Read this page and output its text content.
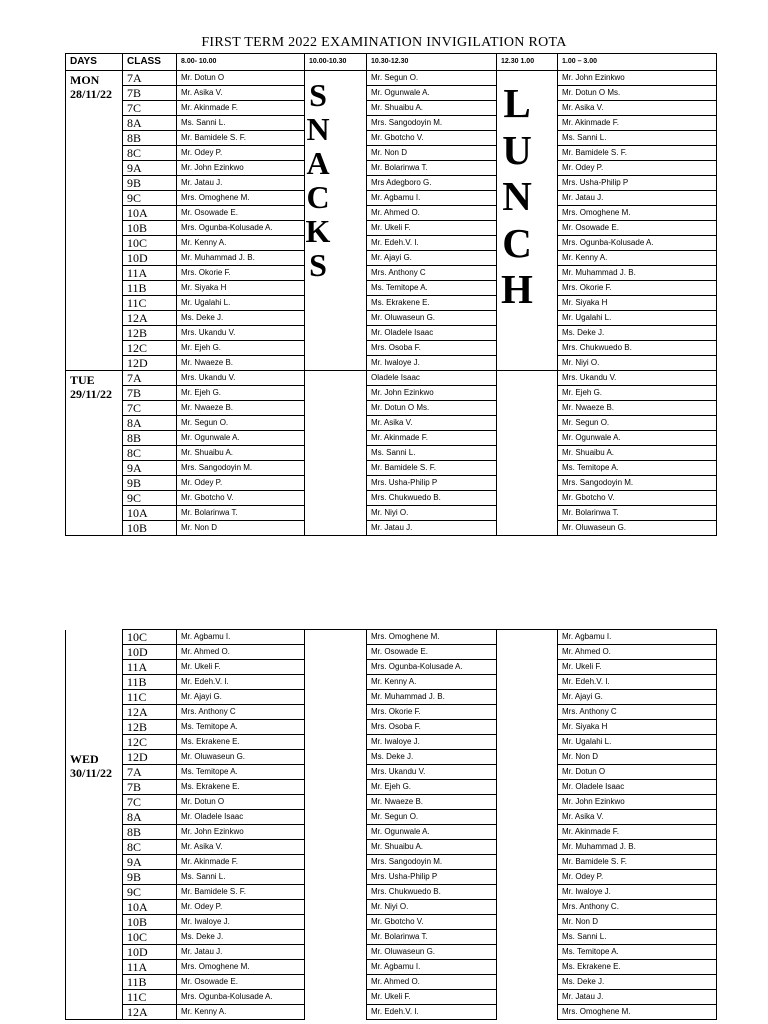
FIRST TERM 2022 EXAMINATION INVIGILATION ROTA
DAYS	CLASS	8.00- 10.00	10.00-10.30	10.30-12.30	12.30 1.00	1.00 – 3.00

MON
28/11/22	7A	Mr. Dotun O		Mr. Segun O.		Mr. John Ezinkwo
	7B	Mr. Asika V.		Mr. Ogunwale A.		Mr. Dotun O Ms.
	7C	Mr. Akinmade F.		Mr. Shuaibu A.		Mr. Asika V.
	8A	Ms. Sanni L.		Mrs. Sangodoyin M.		Mr. Akinmade F.
	8B	Mr. Bamidele S. F.		Mr. Gbotcho V.		Ms. Sanni L.
	8C	Mr. Odey P.		Mr. Non D		Mr. Bamidele S. F.
	9A	Mr. John Ezinkwo		Mr. Bolarinwa T.		Mr. Odey P.
	9B	Mr. Jatau J.		Mrs Adegboro G.		Mrs. Usha-Philip P
	9C	Mrs. Omoghene M.		Mr. Agbamu I.		Mr. Jatau J.
	10A	Mr. Osowade E.		Mr. Ahmed O.		Mrs. Omoghene M.
	10B	Mrs. Ogunba-Kolusade A.		Mr. Ukeli F.		Mr. Osowade E.
	10C	Mr. Kenny A.		Mr. Edeh.V. I.		Mrs. Ogunba-Kolusade A.
	10D	Mr. Muhammad J. B.		Mr. Ajayi G.		Mr. Kenny A.
	11A	Mrs. Okorie F.		Mrs. Anthony C		Mr. Muhammad J. B.
	11B	Mr. Siyaka H		Ms. Temitope A.		Mrs. Okorie F.
	11C	Mr. Ugalahi L.		Ms. Ekrakene E.		Mr. Siyaka H
	12A	Ms. Deke J.		Mr. Oluwaseun G.		Mr. Ugalahi L.
	12B	Mrs. Ukandu V.		Mr. Oladele Isaac		Ms. Deke J.
	12C	Mr. Ejeh G.		Mrs. Osoba F.		Mrs. Chukwuedo B.
	12D	Mr. Nwaeze B.		Mr. Iwaloye J.		Mr. Niyi O.

TUE
29/11/22	7A	Mrs. Ukandu V.		Oladele Isaac		Mrs. Ukandu V.
	7B	Mr. Ejeh G.		Mr. John Ezinkwo		Mr. Ejeh G.
	7C	Mr. Nwaeze B.		Mr. Dotun O Ms.		Mr. Nwaeze B.
	8A	Mr. Segun O.		Mr. Asika V.		Mr. Segun O.
	8B	Mr. Ogunwale A.		Mr. Akinmade F.		Mr. Ogunwale A.
	8C	Mr. Shuaibu A.		Ms. Sanni L.		Mr. Shuaibu A.
	9A	Mrs. Sangodoyin M.		Mr. Bamidele S. F.		Ms. Temitope A.
	9B	Mr. Odey P.		Mrs. Usha-Philip P		Mrs. Sangodoyin M.
	9C	Mr. Gbotcho V.		Mrs. Chukwuedo B.		Mr. Gbotcho V.
	10A	Mr. Bolarinwa T.		Mr. Niyi O.		Mr. Bolarinwa T.
	10B	Mr. Non D		Mr. Jatau J.		Mr. Oluwaseun G.
S
N
A
C
K
S
L
U
N
C
H
WED
30/11/22	10C	Mr. Agbamu I.		Mrs. Omoghene M.		Mr. Agbamu I.
	10D	Mr. Ahmed O.		Mr. Osowade E.		Mr. Ahmed O.
	11A	Mr. Ukeli F.		Mrs. Ogunba-Kolusade A.		Mr. Ukeli F.
	11B	Mr. Edeh.V. I.		Mr. Kenny A.		Mr. Edeh.V. I.
	11C	Mr. Ajayi G.		Mr. Muhammad J. B.		Mr. Ajayi G.
	12A	Mrs. Anthony C		Mrs. Okorie F.		Mrs. Anthony C
	12B	Ms. Temitope A.		Mrs. Osoba F.		Mr. Siyaka H
	12C	Ms. Ekrakene E.		Mr. Iwaloye J.		Mr. Ugalahi L.
	12D	Mr. Oluwaseun G.		Ms. Deke J.		Mr. Non D
	7A	Ms. Temitope A.		Mrs. Ukandu V.		Mr. Dotun O
	7B	Ms. Ekrakene E.		Mr. Ejeh G.		Mr. Oladele Isaac
	7C	Mr. Dotun O		Mr. Nwaeze B.		Mr. John Ezinkwo
	8A	Mr. Oladele Isaac		Mr. Segun O.		Mr. Asika V.
	8B	Mr. John Ezinkwo		Mr. Ogunwale A.		Mr. Akinmade F.
	8C	Mr. Asika V.		Mr. Shuaibu A.		Mr. Muhammad J. B.
	9A	Mr. Akinmade F.		Mrs. Sangodoyin M.		Mr. Bamidele S. F.
	9B	Ms. Sanni L.		Mrs. Usha-Philip P		Mr. Odey P.
	9C	Mr. Bamidele S. F.		Mrs. Chukwuedo B.		Mr. Iwaloye J.
	10A	Mr. Odey P.		Mr. Niyi O.		Mrs. Anthony C.
	10B	Mr. Iwaloye J.		Mr. Gbotcho V.		Mr. Non D
	10C	Ms. Deke J.		Mr. Bolarinwa T.		Ms. Sanni L.
	10D	Mr. Jatau J.		Mr. Oluwaseun G.		Ms. Temitope A.
	11A	Mrs. Omoghene M.		Mr. Agbamu I.		Ms. Ekrakene E.
	11B	Mr. Osowade E.		Mr. Ahmed O.		Ms. Deke J.
	11C	Mrs. Ogunba-Kolusade A.		Mr. Ukeli F.		Mr. Jatau J.
	12A	Mr. Kenny A.		Mr. Edeh.V. I.		Mrs. Omoghene M.
